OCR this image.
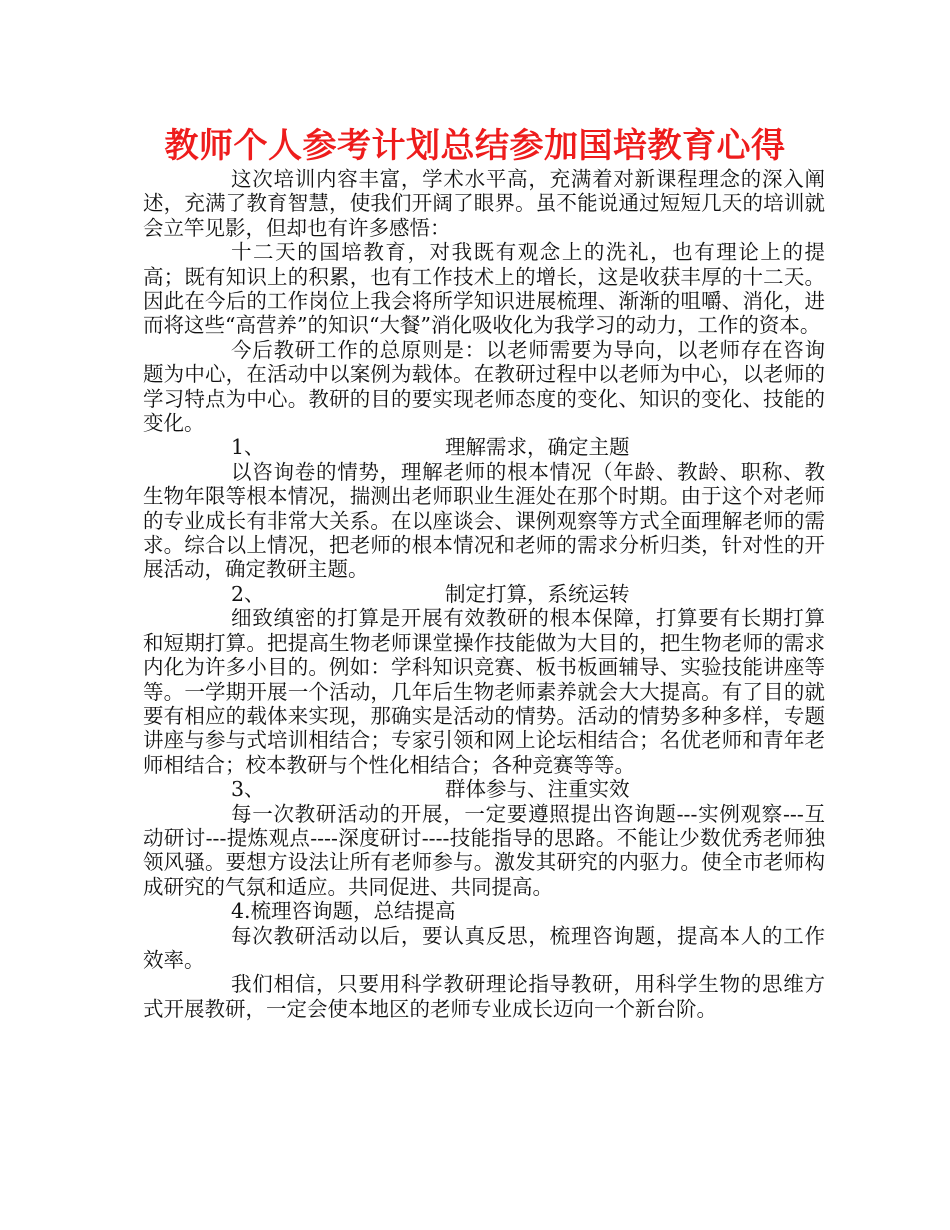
教师个人参考计划总结参加国培教育心得

这次培训内容丰富，学术水平高，充满着对新课程理念的深入阐述，充满了教育智慧，使我们开阔了眼界。虽不能说通过短短几天的培训就会立竿见影，但却也有许多感悟：

十二天的国培教育，对我既有观念上的洗礼，也有理论上的提高；既有知识上的积累，也有工作技术上的增长，这是收获丰厚的十二天。因此在今后的工作岗位上我会将所学知识进展梳理、渐渐的咀嚼、消化，进而将这些“高营养”的知识“大餐”消化吸收化为我学习的动力，工作的资本。

今后教研工作的总原则是：以老师需要为导向，以老师存在咨询题为中心，在活动中以案例为载体。在教研过程中以老师为中心，以老师的学习特点为中心。教研的目的要实现老师态度的变化、知识的变化、技能的变化。

1、	理解需求，确定主题

以咨询卷的情势，理解老师的根本情况（年龄、教龄、职称、教生物年限等根本情况，揣测出老师职业生涯处在那个时期。由于这个对老师的专业成长有非常大关系。在以座谈会、课例观察等方式全面理解老师的需求。综合以上情况，把老师的根本情况和老师的需求分析归类，针对性的开展活动，确定教研主题。

2、	制定打算，系统运转

细致缜密的打算是开展有效教研的根本保障，打算要有长期打算和短期打算。把提高生物老师课堂操作技能做为大目的，把生物老师的需求内化为许多小目的。例如：学科知识竞赛、板书板画辅导、实验技能讲座等等。一学期开展一个活动，几年后生物老师素养就会大大提高。有了目的就要有相应的载体来实现，那确实是活动的情势。活动的情势多种多样，专题讲座与参与式培训相结合；专家引领和网上论坛相结合；名优老师和青年老师相结合；校本教研与个性化相结合；各种竞赛等等。

3、	群体参与、注重实效

每一次教研活动的开展，一定要遵照提出咨询题---实例观察---互动研讨---提炼观点----深度研讨----技能指导的思路。不能让少数优秀老师独领风骚。要想方设法让所有老师参与。激发其研究的内驱力。使全市老师构成研究的气氛和适应。共同促进、共同提高。

4.梳理咨询题，总结提高

每次教研活动以后，要认真反思，梳理咨询题，提高本人的工作效率。

我们相信，只要用科学教研理论指导教研，用科学生物的思维方式开展教研，一定会使本地区的老师专业成长迈向一个新台阶。
